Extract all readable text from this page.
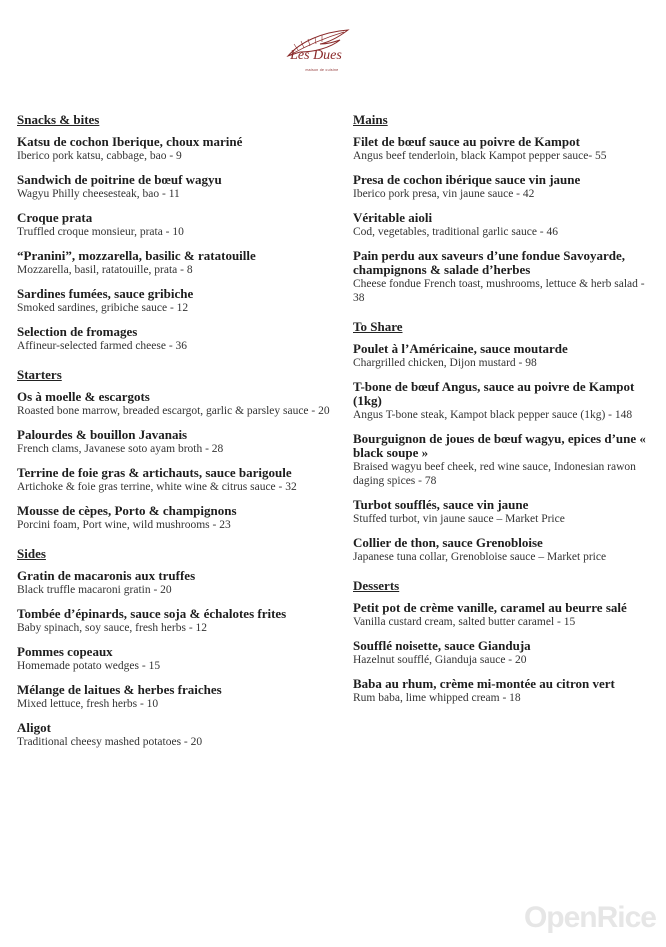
Les Dues
maison de cuisine
Snacks & bites
Katsu de cochon Iberique, choux mariné
Iberico pork katsu, cabbage, bao - 9
Sandwich de poitrine de bœuf wagyu
Wagyu Philly cheesesteak, bao - 11
Croque prata
Truffled croque monsieur, prata - 10
“Pranini”, mozzarella, basilic & ratatouille
Mozzarella, basil, ratatouille, prata - 8
Sardines fumées, sauce gribiche
Smoked sardines, gribiche sauce - 12
Selection de fromages
Affineur-selected farmed cheese - 36
Starters
Os à moelle & escargots
Roasted bone marrow, breaded escargot, garlic & parsley sauce - 20
Palourdes & bouillon Javanais
French clams, Javanese soto ayam broth - 28
Terrine de foie gras & artichauts, sauce barigoule
Artichoke & foie gras terrine, white wine & citrus sauce - 32
Mousse de cèpes, Porto & champignons
Porcini foam, Port wine, wild mushrooms - 23
Sides
Gratin de macaronis aux truffes
Black truffle macaroni gratin - 20
Tombée d’épinards, sauce soja & échalotes frites
Baby spinach, soy sauce, fresh herbs - 12
Pommes copeaux
Homemade potato wedges - 15
Mélange de laitues & herbes fraiches
Mixed lettuce, fresh herbs - 10
Aligot
Traditional cheesy mashed potatoes - 20
Mains
Filet de bœuf sauce au poivre de Kampot
Angus beef tenderloin, black Kampot pepper sauce- 55
Presa de cochon ibérique sauce vin jaune
Iberico pork presa, vin jaune sauce - 42
Véritable aioli
Cod, vegetables, traditional garlic sauce - 46
Pain perdu aux saveurs d’une fondue Savoyarde, champignons & salade d’herbes
Cheese fondue French toast, mushrooms, lettuce & herb salad - 38
To Share
Poulet à l’Américaine, sauce moutarde
Chargrilled chicken, Dijon mustard - 98
T-bone de bœuf Angus, sauce au poivre de Kampot (1kg)
Angus T-bone steak, Kampot black pepper sauce (1kg) - 148
Bourguignon de joues de bœuf wagyu, epices d’une « black soupe »
Braised wagyu beef cheek, red wine sauce, Indonesian rawon daging spices - 78
Turbot soufflés, sauce vin jaune
Stuffed turbot, vin jaune sauce – Market Price
Collier de thon, sauce Grenobloise
Japanese tuna collar, Grenobloise sauce – Market price
Desserts
Petit pot de crème vanille, caramel au beurre salé
Vanilla custard cream, salted butter caramel - 15
Soufflé noisette, sauce Gianduja
Hazelnut soufflé, Gianduja sauce - 20
Baba au rhum, crème mi-montée au citron vert
Rum baba, lime whipped cream - 18
OpenRice
